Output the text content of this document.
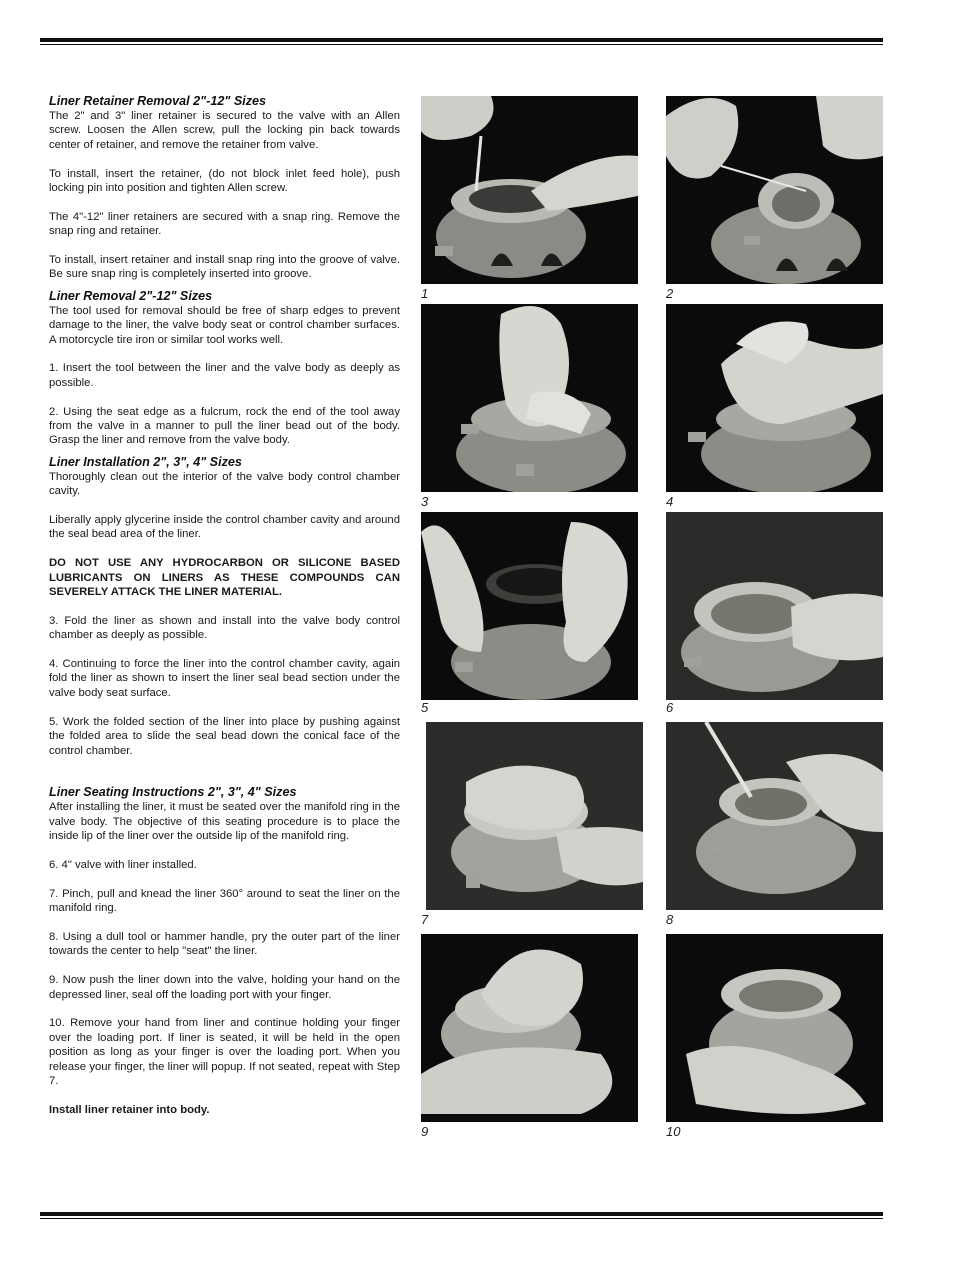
Liner Retainer Removal 2"-12" Sizes

The 2" and 3" liner retainer is secured to the valve with an Allen screw. Loosen the Allen screw, pull the locking pin back towards center of retainer, and remove the retainer from valve.

To install, insert the retainer, (do not block inlet feed hole), push locking pin into position and tighten Allen screw.

The 4"-12" liner retainers are secured with a snap ring. Remove the snap ring and retainer.

To install, insert retainer and install snap ring into the groove of valve. Be sure snap ring is completely inserted into groove.

Liner Removal 2"-12" Sizes

The tool used for removal should be free of sharp edges to prevent damage to the liner, the valve body seat or control chamber surfaces. A motorcycle tire iron or similar tool works well.

1. Insert the tool between the liner and the valve body as deeply as possible.

2. Using the seat edge as a fulcrum, rock the end of the tool away from the valve in a manner to pull the liner bead out of the body. Grasp the liner and remove from the valve body.

Liner Installation 2", 3", 4" Sizes

Thoroughly clean out the interior of the valve body control chamber cavity.

Liberally apply glycerine inside the control chamber cavity and around the seal bead area of the liner.

DO NOT USE ANY HYDROCARBON OR SILICONE BASED LUBRICANTS ON LINERS AS THESE COMPOUNDS CAN SEVERELY ATTACK THE LINER MATERIAL.

3. Fold the liner as shown and install into the valve body control chamber as deeply as possible.

4. Continuing to force the liner into the control chamber cavity, again fold the liner as shown to insert the liner seal bead section under the valve body seat surface.

5. Work the folded section of the liner into place by pushing against the folded area to slide the seal bead down the conical face of the control chamber.

Liner Seating Instructions 2", 3", 4" Sizes

After installing the liner, it must be seated over the manifold ring in the valve body. The objective of this seating procedure is to place the inside lip of the liner over the outside lip of the manifold ring.

6. 4" valve with liner installed.

7. Pinch, pull and knead the liner 360° around to seat the liner on the manifold ring.

8. Using a dull tool or hammer handle, pry the outer part of the liner towards the center to help "seat" the liner.

9. Now push the liner down into the valve, holding your hand on the depressed liner, seal off the loading port with your finger.

10. Remove your hand from liner and continue holding your finger over the loading port. If liner is seated, it will be held in the open position as long as your finger is over the loading port. When you release your finger, the liner will popup. If not seated, repeat with Step 7.

Install liner retainer into body.

1	2
3	4
5	6
7	8
9	10
